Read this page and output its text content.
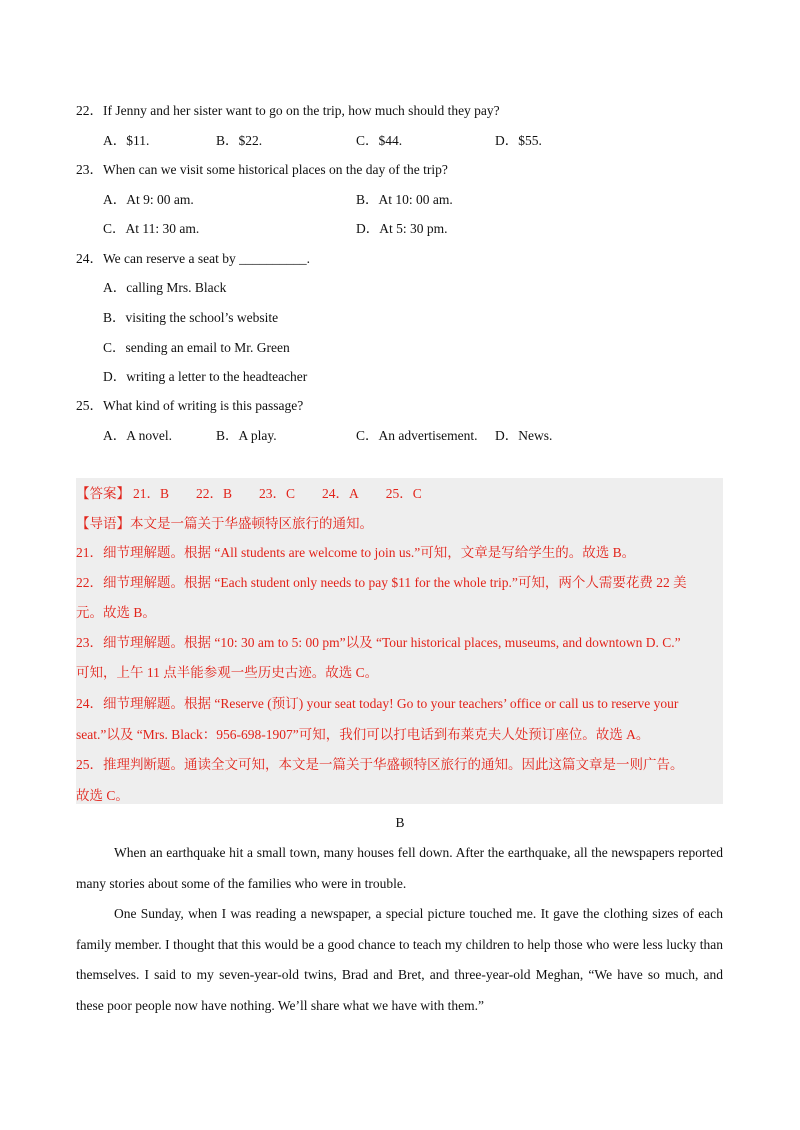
22．If Jenny and her sister want to go on the trip, how much should they pay?
A．$11.	B．$22.	C．$44.	D．$55.
23．When can we visit some historical places on the day of the trip?
A．At 9: 00 am.	B．At 10: 00 am.
C．At 11: 30 am.	D．At 5: 30 pm.
24．We can reserve a seat by __________.
A．calling Mrs. Black
B．visiting the school’s website
C．sending an email to Mr. Green
D．writing a letter to the headteacher
25．What kind of writing is this passage?
A．A novel.	B．A play.	C．An advertisement. D．News.
【答案】 21．B 22．B 23．C 24．A 25．C
【导语】本文是一篇关于华盛顿特区旅行的通知。
21．细节理解题。根据 “All students are welcome to join us.”可知，文章是写给学生的。故选 B。
22．细节理解题。根据 “Each student only needs to pay $11 for the whole trip.”可知，两个人需要花费 22 美
元。故选 B。
23．细节理解题。根据 “10: 30 am to 5: 00 pm”以及 “Tour historical places, museums, and downtown D. C.”
可知，上午 11 点半能参观一些历史古迹。故选 C。
24．细节理解题。根据 “Reserve (预订) your seat today! Go to your teachers’ office or call us to reserve your
seat.”以及 “Mrs. Black：956-698-1907”可知，我们可以打电话到布莱克夫人处预订座位。故选 A。
25．推理判断题。通读全文可知，本文是一篇关于华盛顿特区旅行的通知。因此这篇文章是一则广告。
故选 C。
B
When an earthquake hit a small town, many houses fell down. After the earthquake, all the newspapers reported many stories about some of the families who were in trouble.
One Sunday, when I was reading a newspaper, a special picture touched me. It gave the clothing sizes of each family member. I thought that this would be a good chance to teach my children to help those who were less lucky than themselves. I said to my seven-year-old twins, Brad and Bret, and three-year-old Meghan, “We have so much, and these poor people now have nothing. We’ll share what we have with them.”
